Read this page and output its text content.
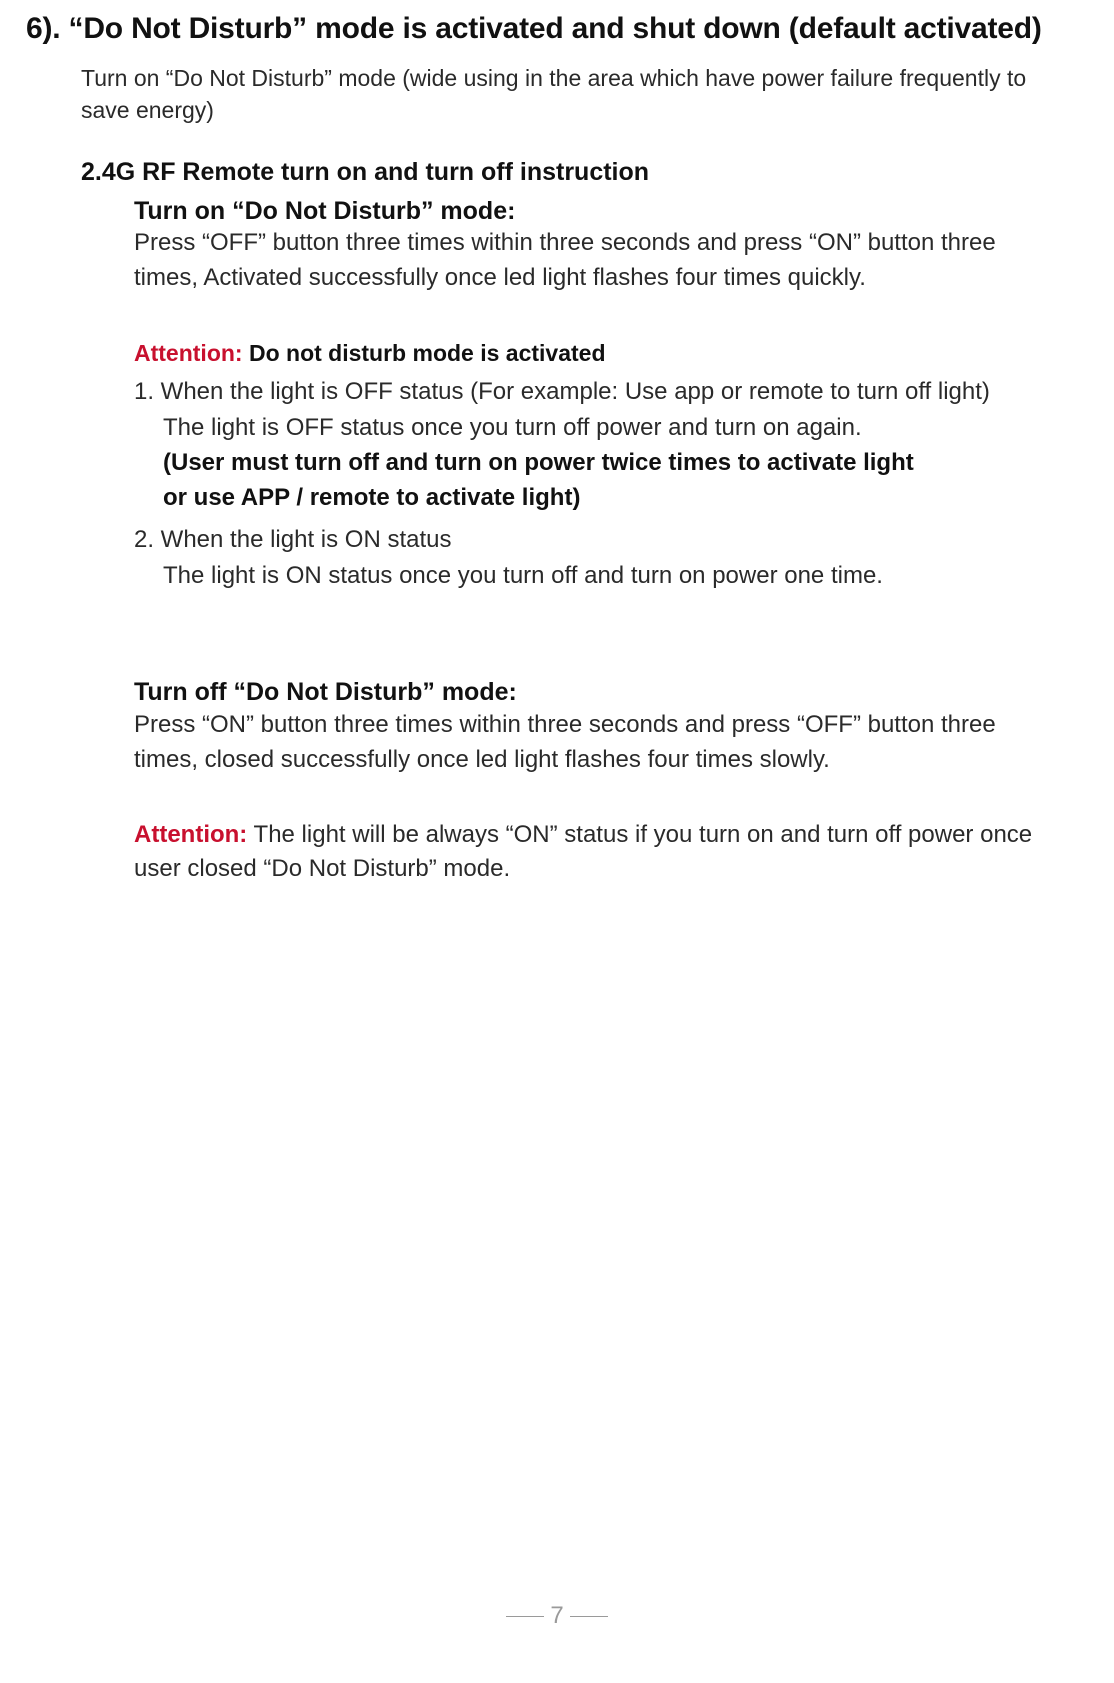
6). “Do Not Disturb” mode is activated and shut down (default activated)

Turn on “Do Not Disturb” mode (wide using in the area which have power failure frequently to save energy)

2.4G RF Remote turn on and turn off instruction
Turn on “Do Not Disturb” mode:

Press “OFF” button three times within three seconds and press “ON” button three times, Activated successfully once led light flashes four times quickly.

Attention: Do not disturb mode is activated
1. When the light is OFF status (For example: Use app or remote to turn off light)
The light is OFF status once you turn off power and turn on again.
(User must turn off and turn on power twice times to activate light or use APP / remote to activate light)
2. When the light is ON status
The light is ON status once you turn off and turn on power one time.
Turn off “Do Not Disturb” mode:

Press “ON” button three times within three seconds and press “OFF” button three times, closed successfully once led light flashes four times slowly.

Attention: The light will be always “ON” status if you turn on and turn off power once user closed “Do Not Disturb” mode.

7
